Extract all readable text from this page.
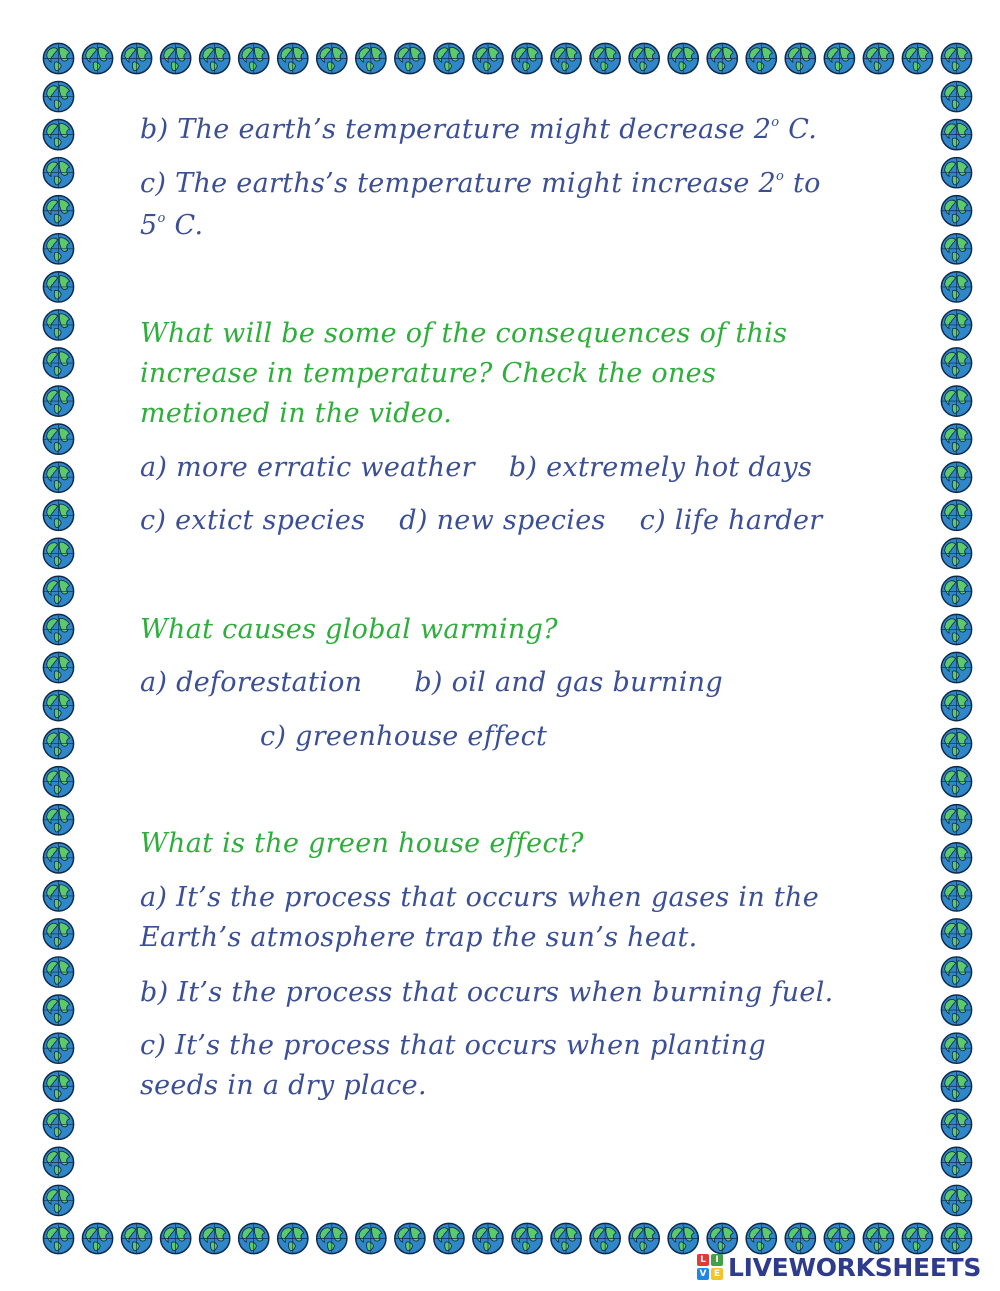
b) The earth’s temperature might decrease 2$^o$ C.
c) The earths’s temperature might increase 2$^o$ to
5$^o$ C.
What will be some of the consequences of this
increase in temperature? Check the ones
metioned in the video.
a) more erratic weather b) extremely hot days
c) extict species d) new species c) life harder
What causes global warming?
a) deforestation b) oil and gas burning
c) greenhouse effect
What is the green house effect?
a) It’s the process that occurs when gases in the
Earth’s atmosphere trap the sun’s heat.
b) It’s the process that occurs when burning fuel.
c) It’s the process that occurs when planting
seeds in a dry place.
L	I
V E LIVEWORKSHEETS
